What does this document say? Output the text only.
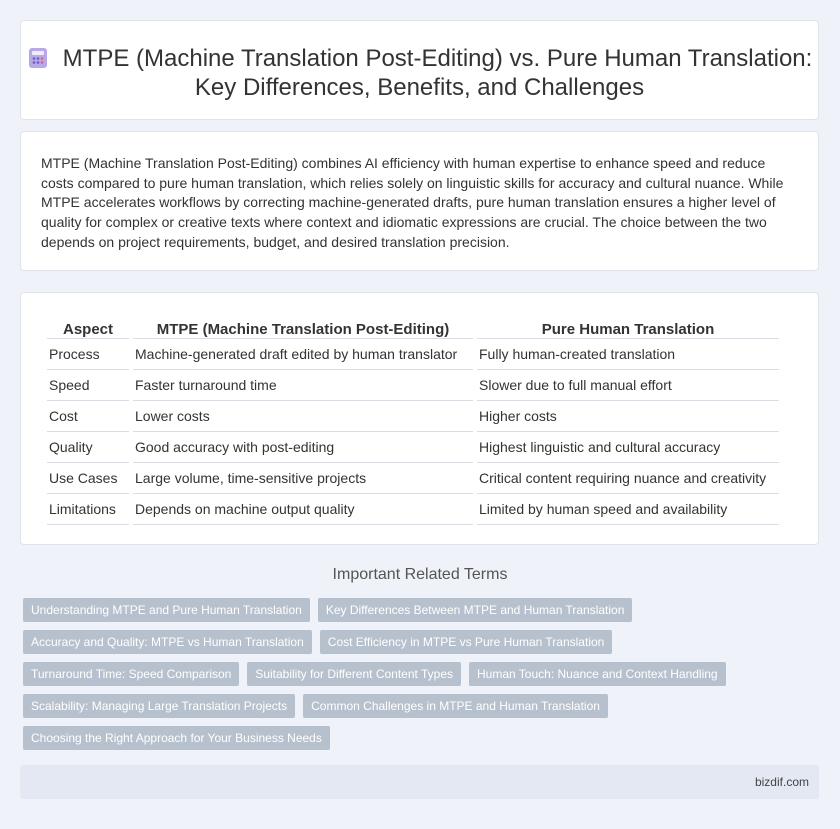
MTPE (Machine Translation Post-Editing) vs. Pure Human Translation: Key Differences, Benefits, and Challenges

MTPE (Machine Translation Post-Editing) combines AI efficiency with human expertise to enhance speed and reduce costs compared to pure human translation, which relies solely on linguistic skills for accuracy and cultural nuance. While MTPE accelerates workflows by correcting machine-generated drafts, pure human translation ensures a higher level of quality for complex or creative texts where context and idiomatic expressions are crucial. The choice between the two depends on project requirements, budget, and desired translation precision.

Aspect	MTPE (Machine Translation Post-Editing)	Pure Human Translation
Process	Machine-generated draft edited by human translator	Fully human-created translation
Speed	Faster turnaround time	Slower due to full manual effort
Cost	Lower costs	Higher costs
Quality	Good accuracy with post-editing	Highest linguistic and cultural accuracy
Use Cases	Large volume, time-sensitive projects	Critical content requiring nuance and creativity
Limitations	Depends on machine output quality	Limited by human speed and availability
Important Related Terms
Understanding MTPE and Pure Human Translation	Key Differences Between MTPE and Human Translation
Accuracy and Quality: MTPE vs Human Translation	Cost Efficiency in MTPE vs Pure Human Translation
Turnaround Time: Speed Comparison	Suitability for Different Content Types	Human Touch: Nuance and Context Handling
Scalability: Managing Large Translation Projects	Common Challenges in MTPE and Human Translation
Choosing the Right Approach for Your Business Needs
bizdif.com
